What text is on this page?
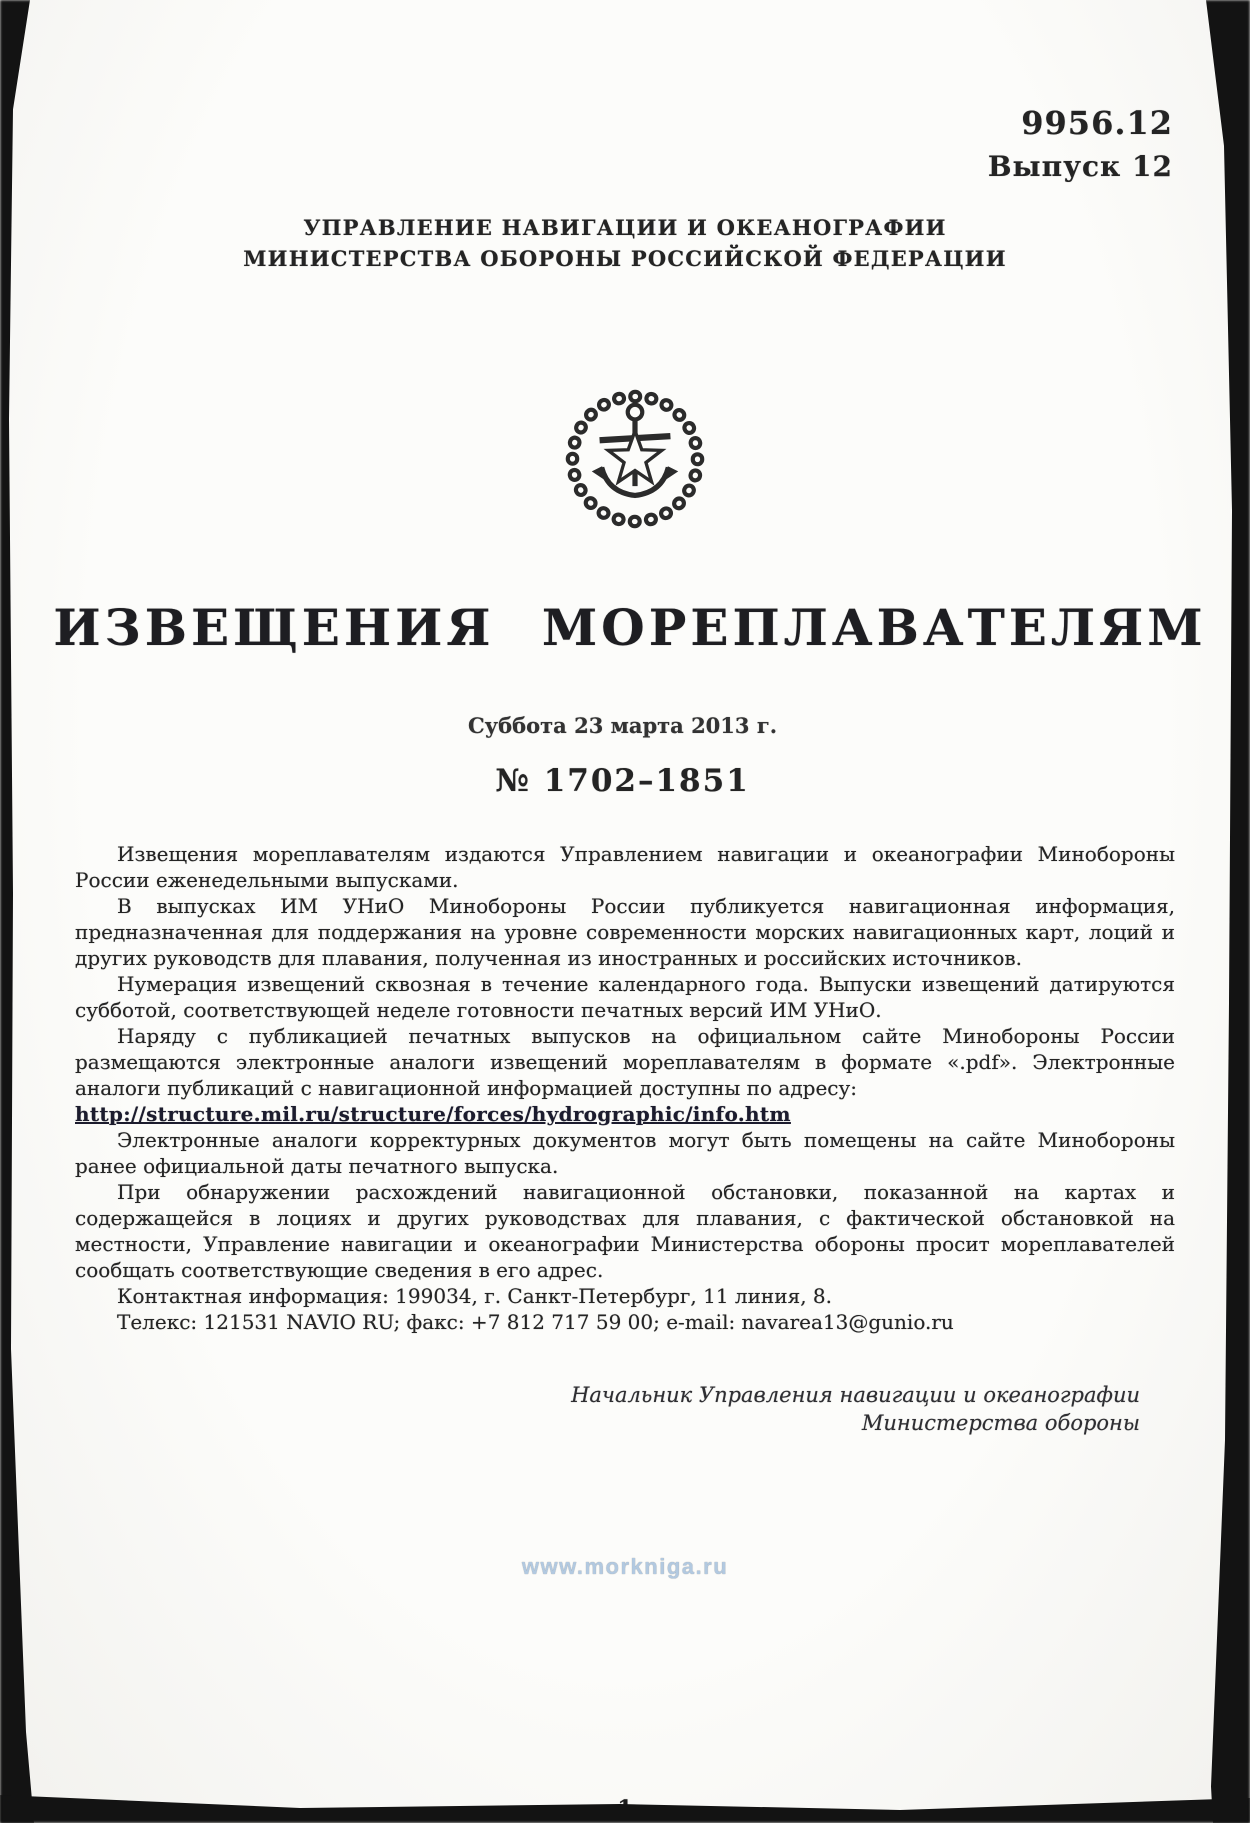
9956.12
Выпуск 12
УПРАВЛЕНИЕ НАВИГАЦИИ И ОКЕАНОГРАФИИ
МИНИСТЕРСТВА ОБОРОНЫ РОССИЙСКОЙ ФЕДЕРАЦИИ
ИЗВЕЩЕНИЯ МОРЕПЛАВАТЕЛЯМ
Суббота 23 марта 2013 г.
№ 1702–1851

Извещения мореплавателям издаются Управлением навигации и океанографии Минобороны России еженедельными выпусками.

В выпусках ИМ УНиО Минобороны России публикуется навигационная информация, предназначенная для поддержания на уровне современности морских навигационных карт, лоций и других руководств для плавания, полученная из иностранных и российских источников.

Нумерация извещений сквозная в течение календарного года. Выпуски извещений датируются субботой, соответствующей неделе готовности печатных версий ИМ УНиО.

Наряду с публикацией печатных выпусков на официальном сайте Минобороны России размещаются электронные аналоги извещений мореплавателям в формате «.pdf». Электронные аналоги публикаций с навигационной информацией доступны по адресу:
http://structure.mil.ru/structure/forces/hydrographic/info.htm

Электронные аналоги корректурных документов могут быть помещены на сайте Минобороны ранее официальной даты печатного выпуска.

При обнаружении расхождений навигационной обстановки, показанной на картах и содержащейся в лоциях и других руководствах для плавания, с фактической обстановкой на местности, Управление навигации и океанографии Министерства обороны просит мореплавателей сообщать соответствующие сведения в его адрес.

Контактная информация: 199034, г. Санкт-Петербург, 11 линия, 8.

Телекс: 121531 NAVIO RU; факс: +7 812 717 59 00; e-mail: navarea13@gunio.ru

Начальник Управления навигации и океанографии
Министерства обороны
www.morkniga.ru
